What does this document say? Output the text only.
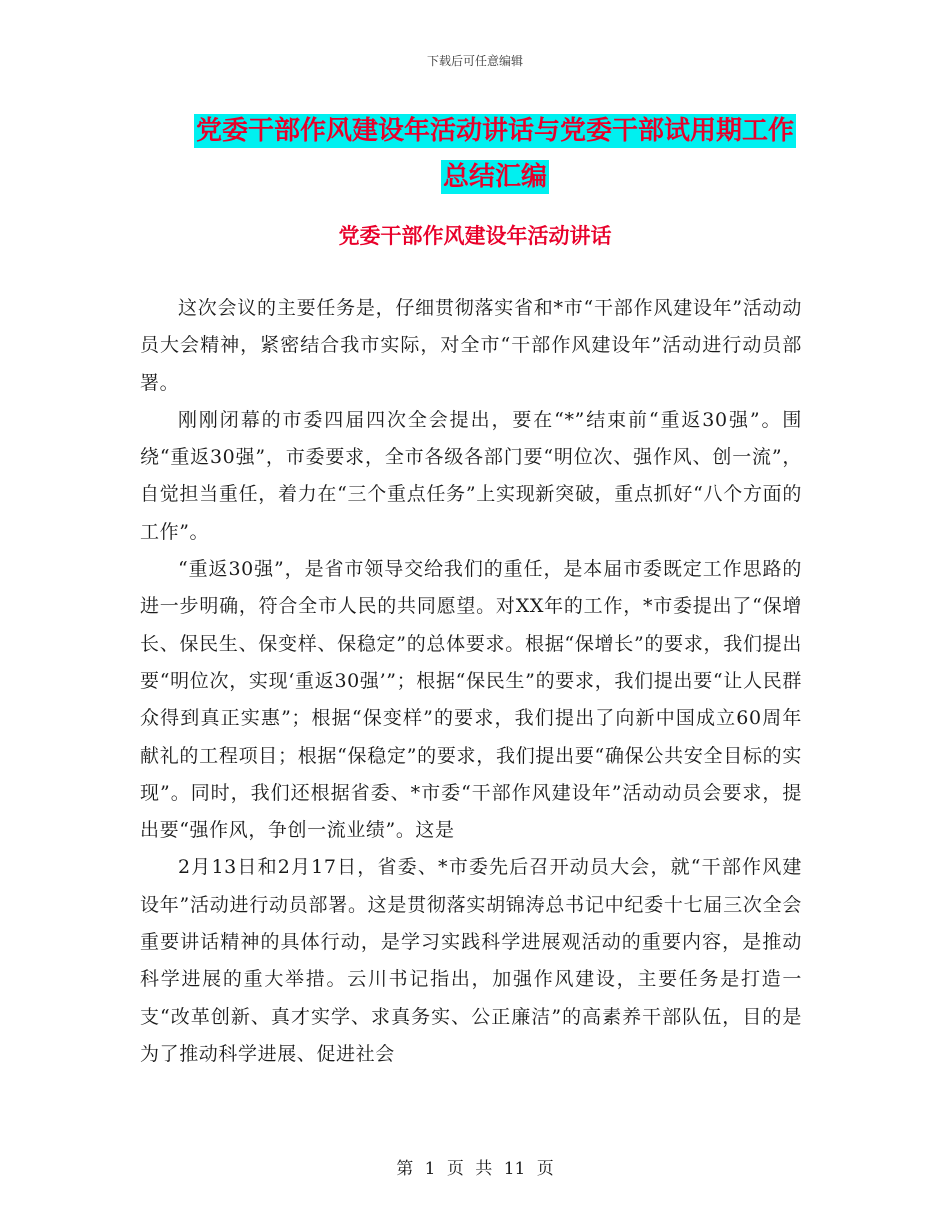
下载后可任意编辑
党委干部作风建设年活动讲话与党委干部试用期工作
总结汇编
党委干部作风建设年活动讲话

这次会议的主要任务是，仔细贯彻落实省和*市“干部作风建设年”活动动员大会精神，紧密结合我市实际，对全市“干部作风建设年”活动进行动员部署。

刚刚闭幕的市委四届四次全会提出，要在“*”结束前“重返30强”。围绕“重返30强”，市委要求，全市各级各部门要“明位次、强作风、创一流”，自觉担当重任，着力在“三个重点任务”上实现新突破，重点抓好“八个方面的工作”。

“重返30强”，是省市领导交给我们的重任，是本届市委既定工作思路的进一步明确，符合全市人民的共同愿望。对XX年的工作，*市委提出了“保增长、保民生、保变样、保稳定”的总体要求。根据“保增长”的要求，我们提出要“明位次，实现‘重返30强’”；根据“保民生”的要求，我们提出要“让人民群众得到真正实惠”；根据“保变样”的要求，我们提出了向新中国成立60周年献礼的工程项目；根据“保稳定”的要求，我们提出要“确保公共安全目标的实现”。同时，我们还根据省委、*市委“干部作风建设年”活动动员会要求，提出要“强作风，争创一流业绩”。这是

2月13日和2月17日，省委、*市委先后召开动员大会，就“干部作风建设年”活动进行动员部署。这是贯彻落实胡锦涛总书记中纪委十七届三次全会重要讲话精神的具体行动，是学习实践科学进展观活动的重要内容，是推动科学进展的重大举措。云川书记指出，加强作风建设，主要任务是打造一支“改革创新、真才实学、求真务实、公正廉洁”的高素养干部队伍，目的是为了推动科学进展、促进社会

第 1 页 共 11 页
